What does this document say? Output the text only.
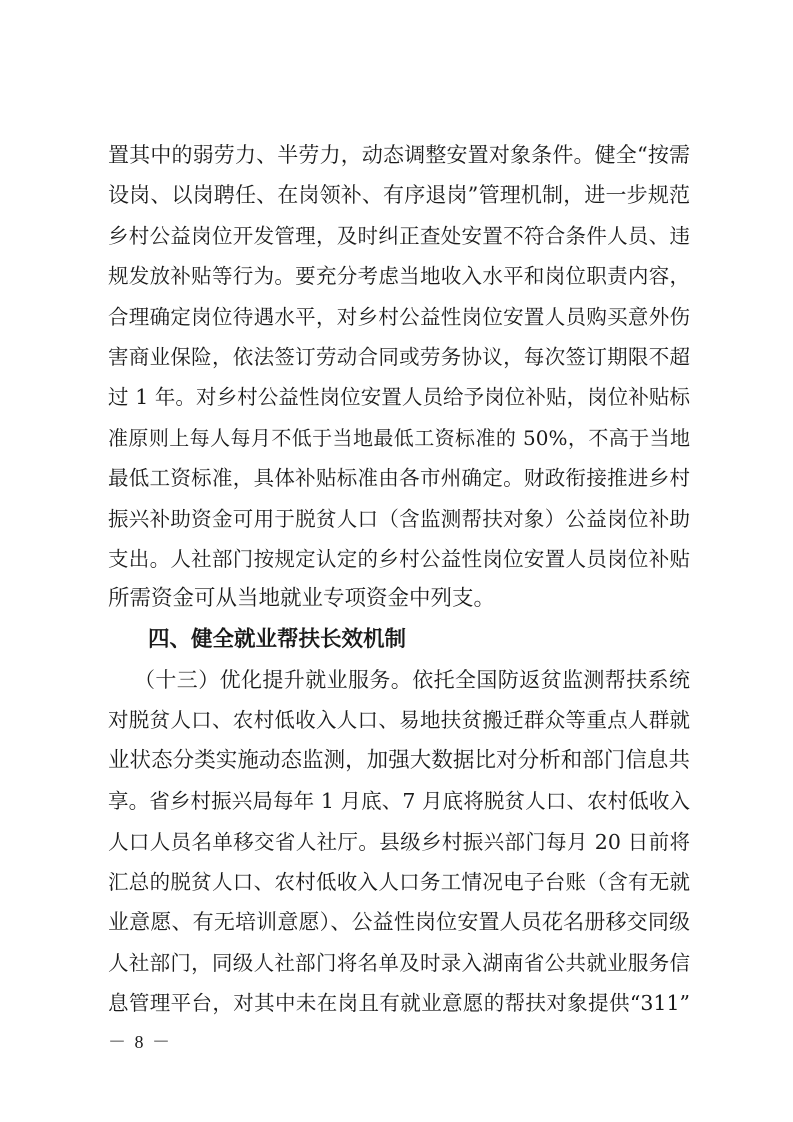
置其中的弱劳力、半劳力，动态调整安置对象条件。健全“按需
设岗、以岗聘任、在岗领补、有序退岗”管理机制，进一步规范
乡村公益岗位开发管理，及时纠正查处安置不符合条件人员、违
规发放补贴等行为。要充分考虑当地收入水平和岗位职责内容，
合理确定岗位待遇水平，对乡村公益性岗位安置人员购买意外伤
害商业保险，依法签订劳动合同或劳务协议，每次签订期限不超
过 1 年。对乡村公益性岗位安置人员给予岗位补贴，岗位补贴标
准原则上每人每月不低于当地最低工资标准的 50%，不高于当地
最低工资标准，具体补贴标准由各市州确定。财政衔接推进乡村
振兴补助资金可用于脱贫人口（含监测帮扶对象）公益岗位补助
支出。人社部门按规定认定的乡村公益性岗位安置人员岗位补贴
所需资金可从当地就业专项资金中列支。
四、健全就业帮扶长效机制
（十三）优化提升就业服务。依托全国防返贫监测帮扶系统
对脱贫人口、农村低收入人口、易地扶贫搬迁群众等重点人群就
业状态分类实施动态监测，加强大数据比对分析和部门信息共
享。省乡村振兴局每年 1 月底、7 月底将脱贫人口、农村低收入
人口人员名单移交省人社厅。县级乡村振兴部门每月 20 日前将
汇总的脱贫人口、农村低收入人口务工情况电子台账（含有无就
业意愿、有无培训意愿）、公益性岗位安置人员花名册移交同级
人社部门，同级人社部门将名单及时录入湖南省公共就业服务信
息管理平台，对其中未在岗且有就业意愿的帮扶对象提供“311”
－ 8 －
